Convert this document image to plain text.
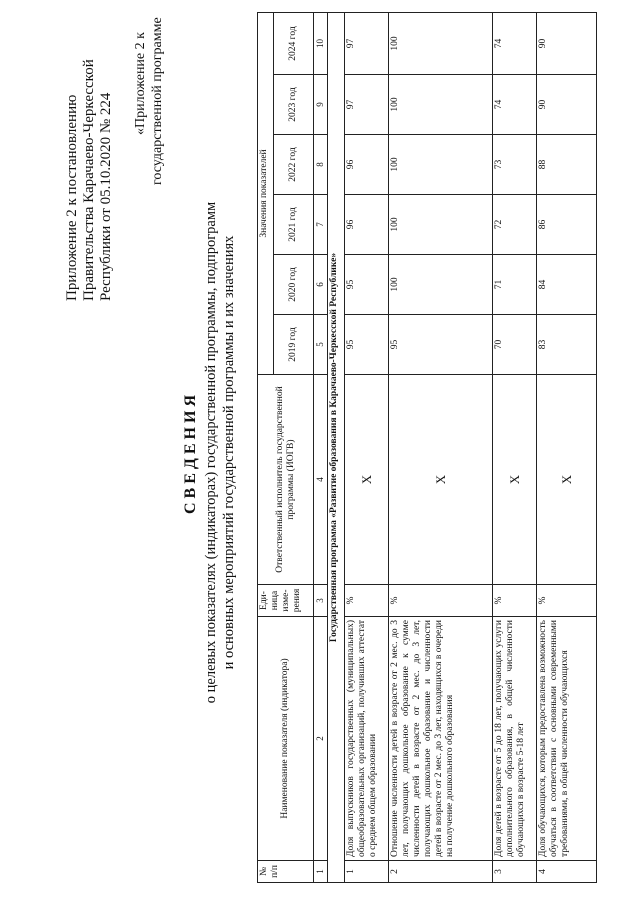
Приложение 2 к постановлению Правительства Карачаево-Черкесской Республики от 05.10.2020 № 224
«Приложение 2 к государственной программе
СВЕДЕНИЯ о целевых показателях (индикаторах) государственной программы, подпрограмм и основных мероприятий государственной программы и их значениях
№ п/п	Наименование показателя (индикатора)	Еди-ница изме-рения	Ответственный исполнитель государственной программы (ИОГВ)	Значения показателей					
				2019 год	2020 год	2021 год	2022 год	2023 год	2024 год
1	2	3	4	5	6	7	8	9	10
Государственная программа «Развитие образования в Карачаево-Черкесской Республике»									
1	Доля выпускников государственных (муниципальных) общеобразовательных организаций, получивших аттестат о среднем общем образовании	%	Х	95	95	96	96	97	97
2	Отношение численности детей в возрасте от 2 мес. до 3 лет, получающих дошкольное образование к сумме численности детей в возрасте от 2 мес. до 3 лет, получающих дошкольное образование и численности детей в возрасте от 2 мес. до 3 лет, находящихся в очереди на получение дошкольного образования	%	Х	95	100	100	100	100	100
3	Доля детей в возрасте от 5 до 18 лет, получающих услуги дополнительного образования, в общей численности обучающихся в возрасте 5-18 лет	%	Х	70	71	72	73	74	74
4	Доля обучающихся, которым предоставлена возможность обучаться в соответствии с основными современными требованиями, в общей численности обучающихся	%	Х	83	84	86	88	90	90
